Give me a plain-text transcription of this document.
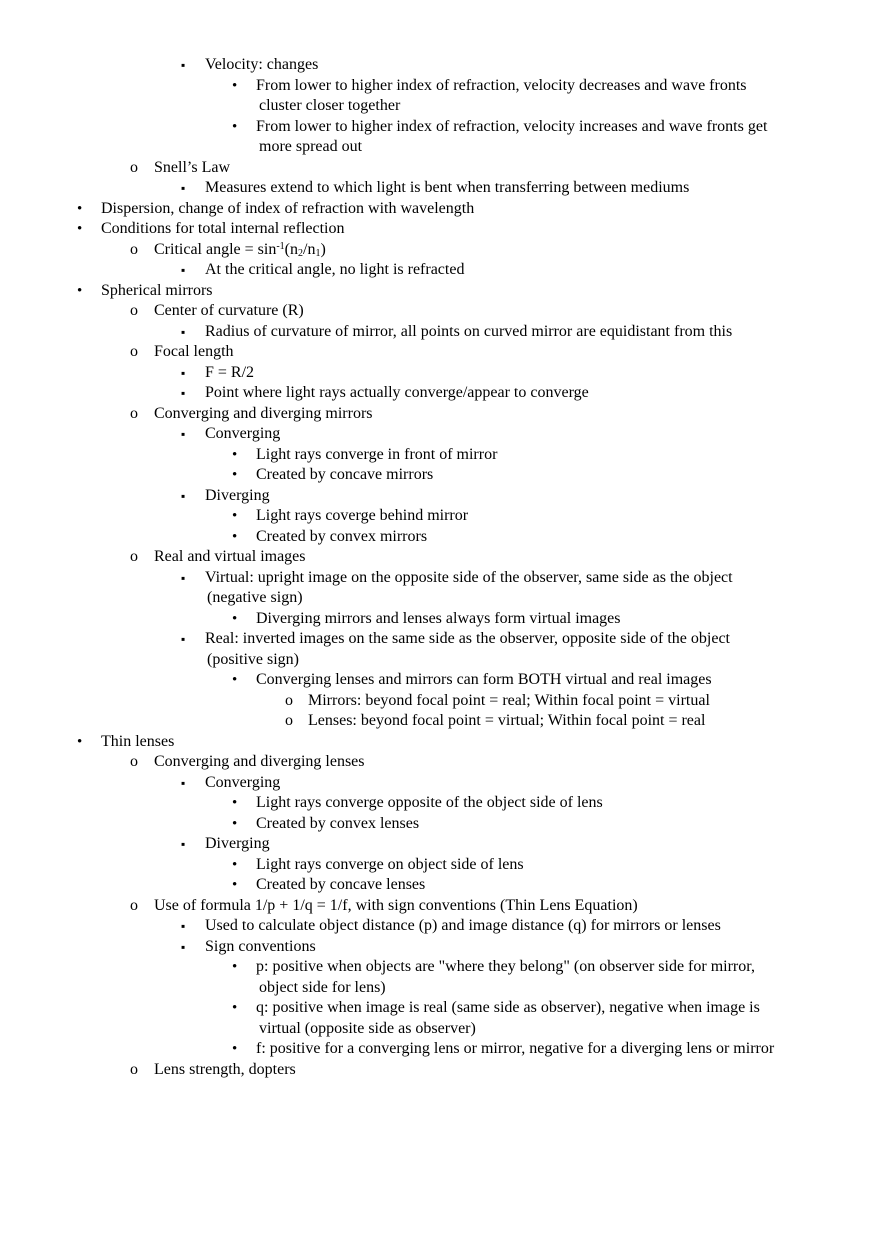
▪ Velocity: changes
• From lower to higher index of refraction, velocity decreases and wave fronts
cluster closer together
• From lower to higher index of refraction, velocity increases and wave fronts get
more spread out
o Snell’s Law
▪ Measures extend to which light is bent when transferring between mediums
• Dispersion, change of index of refraction with wavelength
• Conditions for total internal reflection
o Critical angle = $\sin^{-1}(n_2/n_1)$
▪ At the critical angle, no light is refracted
• Spherical mirrors
o Center of curvature (R)
▪ Radius of curvature of mirror, all points on curved mirror are equidistant from this
o Focal length
▪ F = R/2
▪ Point where light rays actually converge/appear to converge
o Converging and diverging mirrors
▪ Converging
• Light rays converge in front of mirror
• Created by concave mirrors
▪ Diverging
• Light rays coverge behind mirror
• Created by convex mirrors
o Real and virtual images
▪ Virtual: upright image on the opposite side of the observer, same side as the object
(negative sign)
• Diverging mirrors and lenses always form virtual images
▪ Real: inverted images on the same side as the observer, opposite side of the object
(positive sign)
• Converging lenses and mirrors can form BOTH virtual and real images
o Mirrors: beyond focal point = real; Within focal point = virtual
o Lenses: beyond focal point = virtual; Within focal point = real
• Thin lenses
o Converging and diverging lenses
▪ Converging
• Light rays converge opposite of the object side of lens
• Created by convex lenses
▪ Diverging
• Light rays converge on object side of lens
• Created by concave lenses
o Use of formula 1/p + 1/q = 1/f, with sign conventions (Thin Lens Equation)
▪ Used to calculate object distance (p) and image distance (q) for mirrors or lenses
▪ Sign conventions
• p: positive when objects are "where they belong" (on observer side for mirror,
object side for lens)
• q: positive when image is real (same side as observer), negative when image is
virtual (opposite side as observer)
• f: positive for a converging lens or mirror, negative for a diverging lens or mirror
o Lens strength, dopters
